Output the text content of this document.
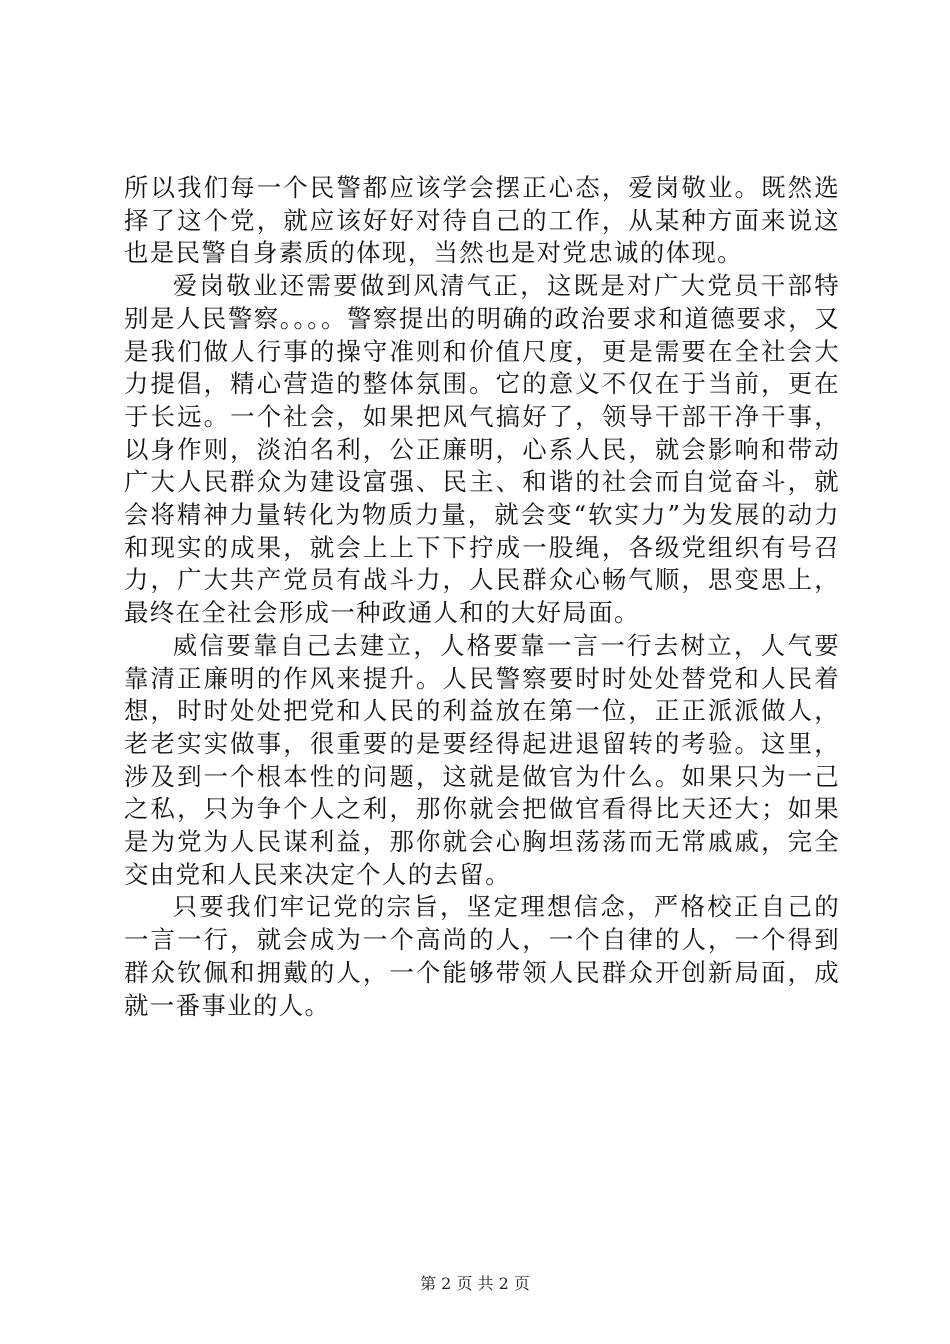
所以我们每一个民警都应该学会摆正心态，爱岗敬业。既然选择了这个党，就应该好好对待自己的工作，从某种方面来说这也是民警自身素质的体现，当然也是对党忠诚的体现。

爱岗敬业还需要做到风清气正，这既是对广大党员干部特别是人民警察。。。。警察提出的明确的政治要求和道德要求，又是我们做人行事的操守准则和价值尺度，更是需要在全社会大力提倡，精心营造的整体氛围。它的意义不仅在于当前，更在于长远。一个社会，如果把风气搞好了，领导干部干净干事，以身作则，淡泊名利，公正廉明，心系人民，就会影响和带动广大人民群众为建设富强、民主、和谐的社会而自觉奋斗，就会将精神力量转化为物质力量，就会变“软实力”为发展的动力和现实的成果，就会上上下下拧成一股绳，各级党组织有号召力，广大共产党员有战斗力，人民群众心畅气顺，思变思上，最终在全社会形成一种政通人和的大好局面。

威信要靠自己去建立，人格要靠一言一行去树立，人气要靠清正廉明的作风来提升。人民警察要时时处处替党和人民着想，时时处处把党和人民的利益放在第一位，正正派派做人，老老实实做事，很重要的是要经得起进退留转的考验。这里，涉及到一个根本性的问题，这就是做官为什么。如果只为一己之私，只为争个人之利，那你就会把做官看得比天还大；如果是为党为人民谋利益，那你就会心胸坦荡荡而无常戚戚，完全交由党和人民来决定个人的去留。

只要我们牢记党的宗旨，坚定理想信念，严格校正自己的一言一行，就会成为一个高尚的人，一个自律的人，一个得到群众钦佩和拥戴的人，一个能够带领人民群众开创新局面，成就一番事业的人。

第 2 页 共 2 页
